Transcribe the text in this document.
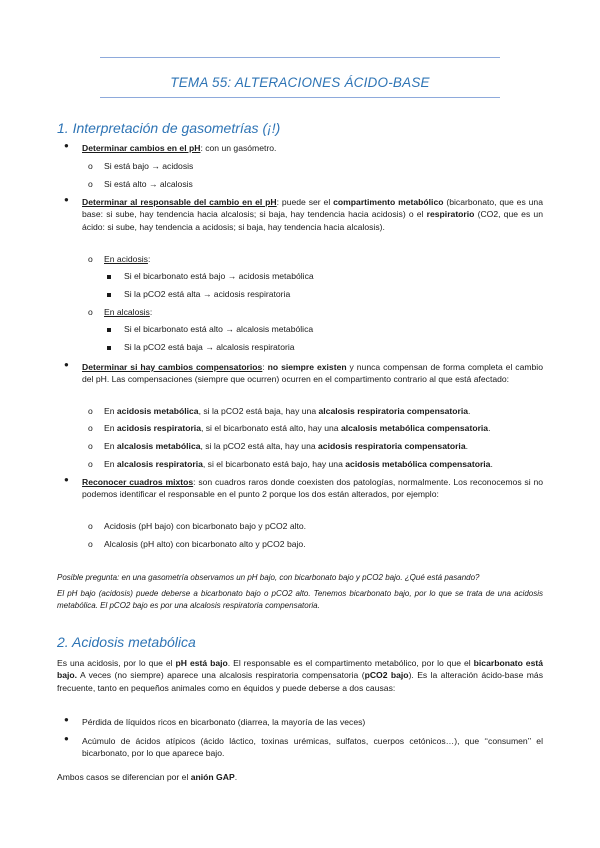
TEMA 55: ALTERACIONES ÁCIDO-BASE
1. Interpretación de gasometrías (¡!)
● Determinar cambios en el pH: con un gasómetro.
o Si está bajo → acidosis
o Si está alto → alcalosis
● Determinar al responsable del cambio en el pH: puede ser el compartimento metabólico (bicarbonato, que es una base: si sube, hay tendencia hacia alcalosis; si baja, hay tendencia hacia acidosis) o el respiratorio (CO2, que es un ácido: si sube, hay tendencia a acidosis; si baja, hay tendencia hacia alcalosis).
o En acidosis:
Si el bicarbonato está bajo → acidosis metabólica
Si la pCO2 está alta → acidosis respiratoria
o En alcalosis:
Si el bicarbonato está alto → alcalosis metabólica
Si la pCO2 está baja → alcalosis respiratoria
● Determinar si hay cambios compensatorios: no siempre existen y nunca compensan de forma completa el cambio del pH. Las compensaciones (siempre que ocurren) ocurren en el compartimento contrario al que está afectado:
o En acidosis metabólica, si la pCO2 está baja, hay una alcalosis respiratoria compensatoria.
o En acidosis respiratoria, si el bicarbonato está alto, hay una alcalosis metabólica compensatoria.
o En alcalosis metabólica, si la pCO2 está alta, hay una acidosis respiratoria compensatoria.
o En alcalosis respiratoria, si el bicarbonato está bajo, hay una acidosis metabólica compensatoria.
● Reconocer cuadros mixtos: son cuadros raros donde coexisten dos patologías, normalmente. Los reconocemos si no podemos identificar el responsable en el punto 2 porque los dos están alterados, por ejemplo:
o Acidosis (pH bajo) con bicarbonato bajo y pCO2 alto.
o Alcalosis (pH alto) con bicarbonato alto y pCO2 bajo.
Posible pregunta: en una gasometría observamos un pH bajo, con bicarbonato bajo y pCO2 bajo. ¿Qué está pasando?
El pH bajo (acidosis) puede deberse a bicarbonato bajo o pCO2 alto. Tenemos bicarbonato bajo, por lo que se trata de una acidosis metabólica. El pCO2 bajo es por una alcalosis respiratoria compensatoria.
2. Acidosis metabólica
Es una acidosis, por lo que el pH está bajo. El responsable es el compartimento metabólico, por lo que el bicarbonato está bajo. A veces (no siempre) aparece una alcalosis respiratoria compensatoria (pCO2 bajo). Es la alteración ácido-base más frecuente, tanto en pequeños animales como en équidos y puede deberse a dos causas:
● Pérdida de líquidos ricos en bicarbonato (diarrea, la mayoría de las veces)
● Acúmulo de ácidos atípicos (ácido láctico, toxinas urémicas, sulfatos, cuerpos cetónicos…), que ‘‘consumen’’ el bicarbonato, por lo que aparece bajo.
Ambos casos se diferencian por el anión GAP.
